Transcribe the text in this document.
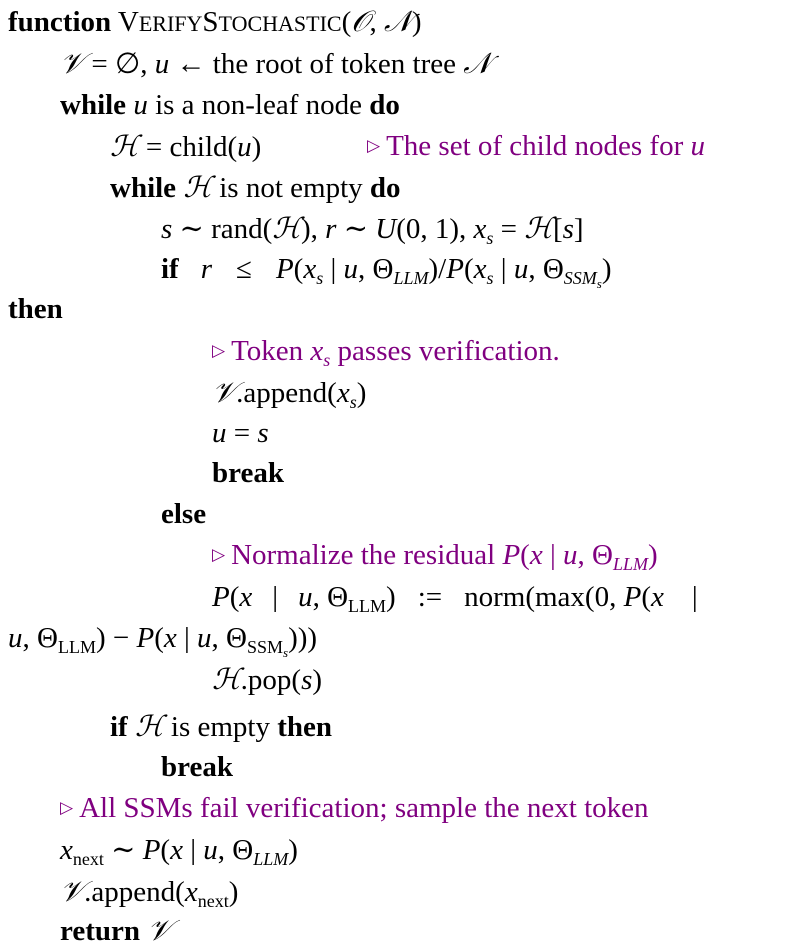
function VERIFYSTOCHASTIC(𝒪, 𝒩)
𝒱 = ∅, u ← the root of token tree 𝒩
while u is a non-leaf node do
ℋ = child(u)	▷ The set of child nodes for u
while ℋ is not empty do
s ∼ rand(ℋ), r ∼ U(0, 1), $x_s$ = ℋ[s]
if $r \le P(x_s$ | u, $\Theta_{LLM})/P(x_s$ | u, $\Theta_{SSM_s}$)
then
▷ Token $x_s$ passes verification.
$𝒱.append(x_s)$
u = s
break
else
▷ Normalize the residual P(x | u, $\Theta_{LLM}$)
P(x | u, $\Theta_{LLM}$) := norm(max(0, P(x |
u, $\Theta_{LLM}) - P(x$ | u, $\Theta_{SSM_s}$)))
ℋ.pop(s)
if ℋ is empty then
break
▷ All SSMs fail verification; sample the next token
$x_{next}$ ∼ P(x | u, $\Theta_{LLM}$)
$𝒱.append(x_{next})$
return 𝒱
